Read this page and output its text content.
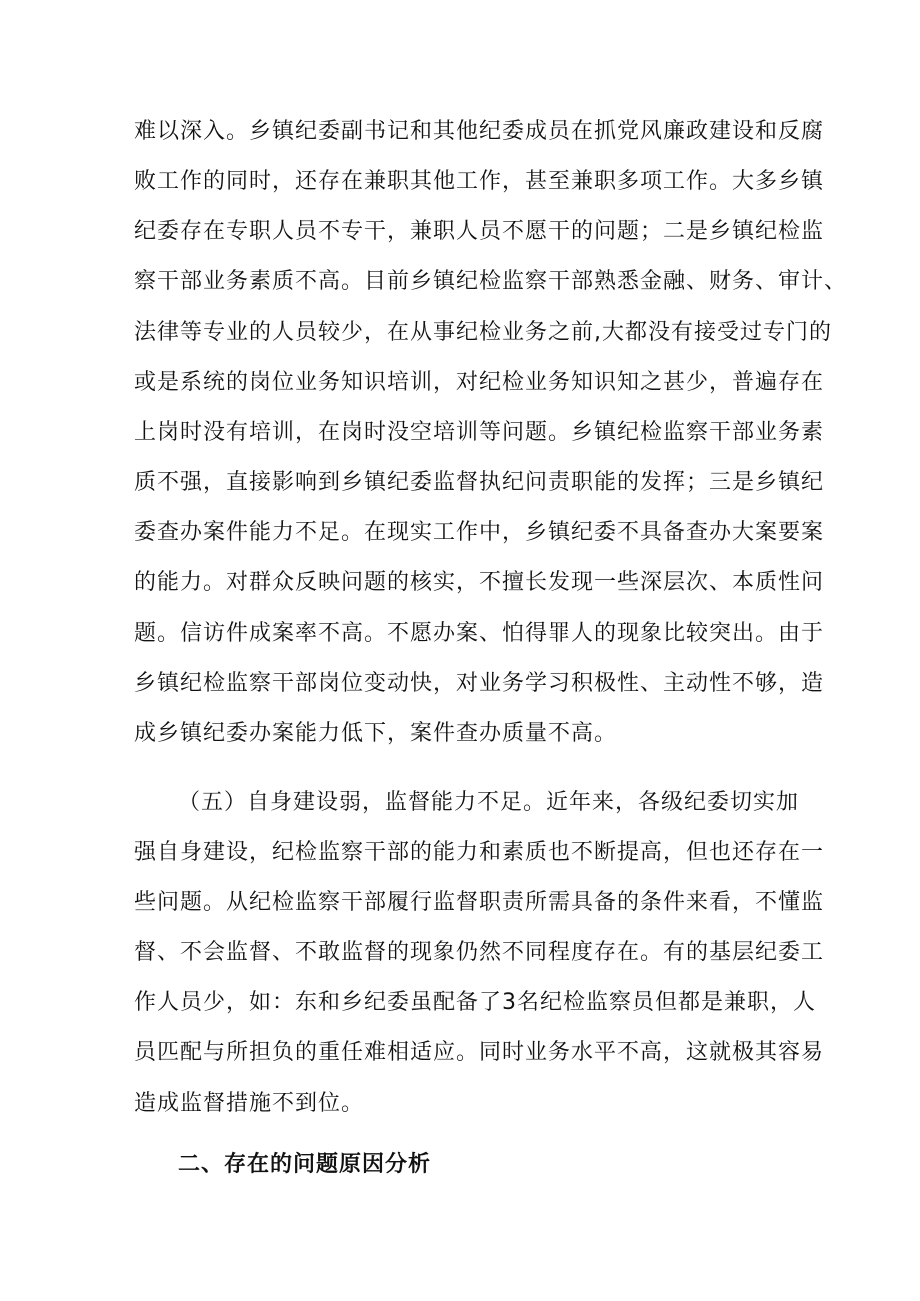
难以深入。乡镇纪委副书记和其他纪委成员在抓党风廉政建设和反腐
败工作的同时，还存在兼职其他工作，甚至兼职多项工作。大多乡镇
纪委存在专职人员不专干，兼职人员不愿干的问题；二是乡镇纪检监
察干部业务素质不高。目前乡镇纪检监察干部熟悉金融、财务、审计、
法律等专业的人员较少，在从事纪检业务之前,大都没有接受过专门的
或是系统的岗位业务知识培训，对纪检业务知识知之甚少，普遍存在
上岗时没有培训，在岗时没空培训等问题。乡镇纪检监察干部业务素
质不强，直接影响到乡镇纪委监督执纪问责职能的发挥；三是乡镇纪
委查办案件能力不足。在现实工作中，乡镇纪委不具备查办大案要案
的能力。对群众反映问题的核实，不擅长发现一些深层次、本质性问
题。信访件成案率不高。不愿办案、怕得罪人的现象比较突出。由于
乡镇纪检监察干部岗位变动快，对业务学习积极性、主动性不够，造
成乡镇纪委办案能力低下，案件查办质量不高。
（五）自身建设弱，监督能力不足。近年来，各级纪委切实加
强自身建设，纪检监察干部的能力和素质也不断提高，但也还存在一
些问题。从纪检监察干部履行监督职责所需具备的条件来看，不懂监
督、不会监督、不敢监督的现象仍然不同程度存在。有的基层纪委工
作人员少，如：东和乡纪委虽配备了3名纪检监察员但都是兼职，人
员匹配与所担负的重任难相适应。同时业务水平不高，这就极其容易
造成监督措施不到位。
二、存在的问题原因分析
